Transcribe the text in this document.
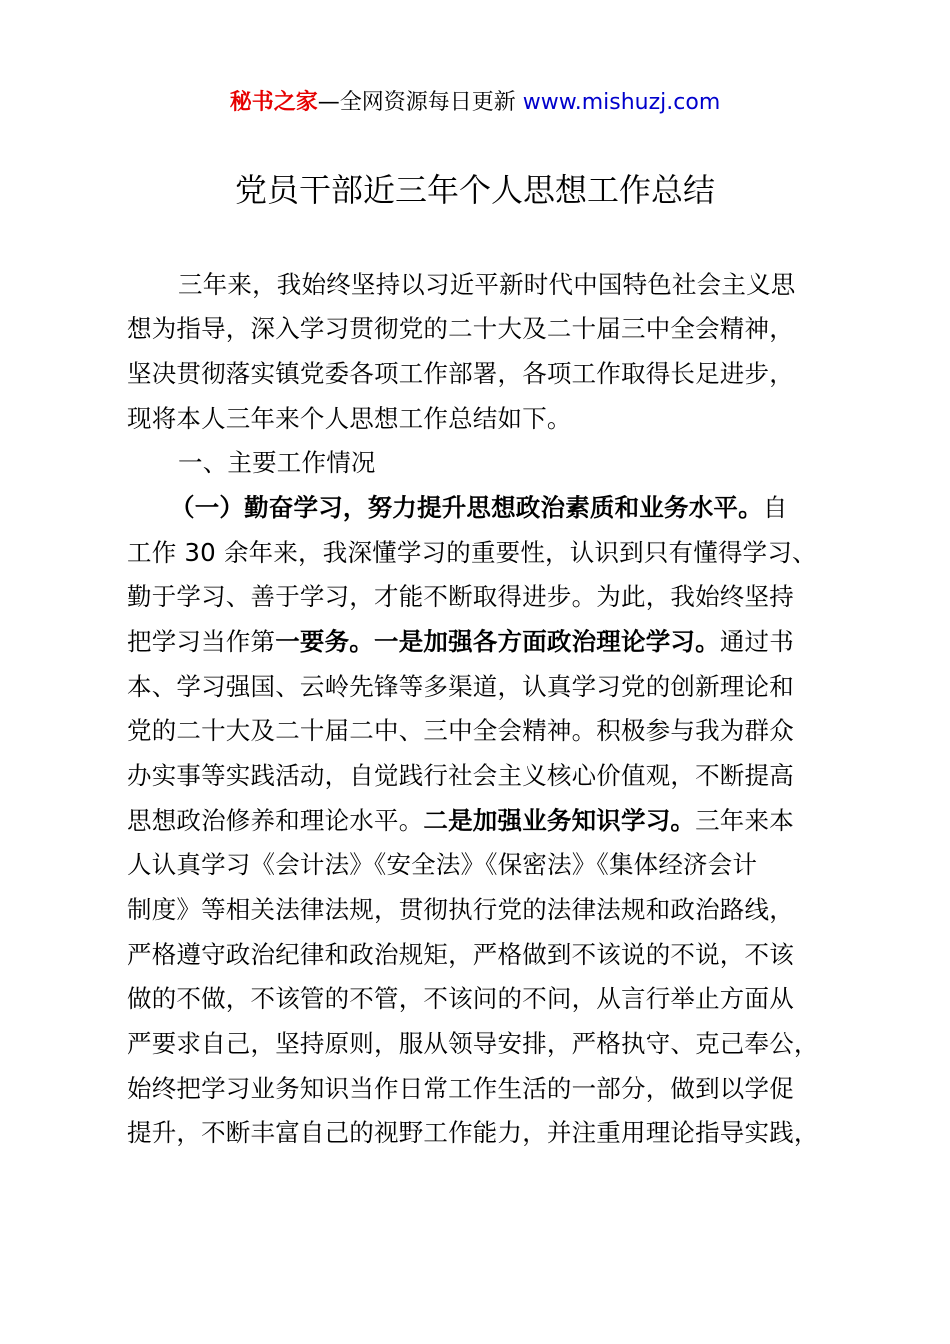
秘书之家—全网资源每日更新 www.mishuzj.com
党员干部近三年个人思想工作总结
三年来，我始终坚持以习近平新时代中国特色社会主义思
想为指导，深入学习贯彻党的二十大及二十届三中全会精神，
坚决贯彻落实镇党委各项工作部署，各项工作取得长足进步，
现将本人三年来个人思想工作总结如下。
一、主要工作情况
（一）勤奋学习，努力提升思想政治素质和业务水平。自
工作 30 余年来，我深懂学习的重要性，认识到只有懂得学习、
勤于学习、善于学习，才能不断取得进步。为此，我始终坚持
把学习当作第一要务。一是加强各方面政治理论学习。通过书
本、学习强国、云岭先锋等多渠道，认真学习党的创新理论和
党的二十大及二十届二中、三中全会精神。积极参与我为群众
办实事等实践活动，自觉践行社会主义核心价值观，不断提高
思想政治修养和理论水平。二是加强业务知识学习。三年来本
人认真学习《会计法》《安全法》《保密法》《集体经济会计
制度》等相关法律法规，贯彻执行党的法律法规和政治路线，
严格遵守政治纪律和政治规矩，严格做到不该说的不说，不该
做的不做，不该管的不管，不该问的不问，从言行举止方面从
严要求自己，坚持原则，服从领导安排，严格执守、克己奉公，
始终把学习业务知识当作日常工作生活的一部分，做到以学促
提升，不断丰富自己的视野工作能力，并注重用理论指导实践，
